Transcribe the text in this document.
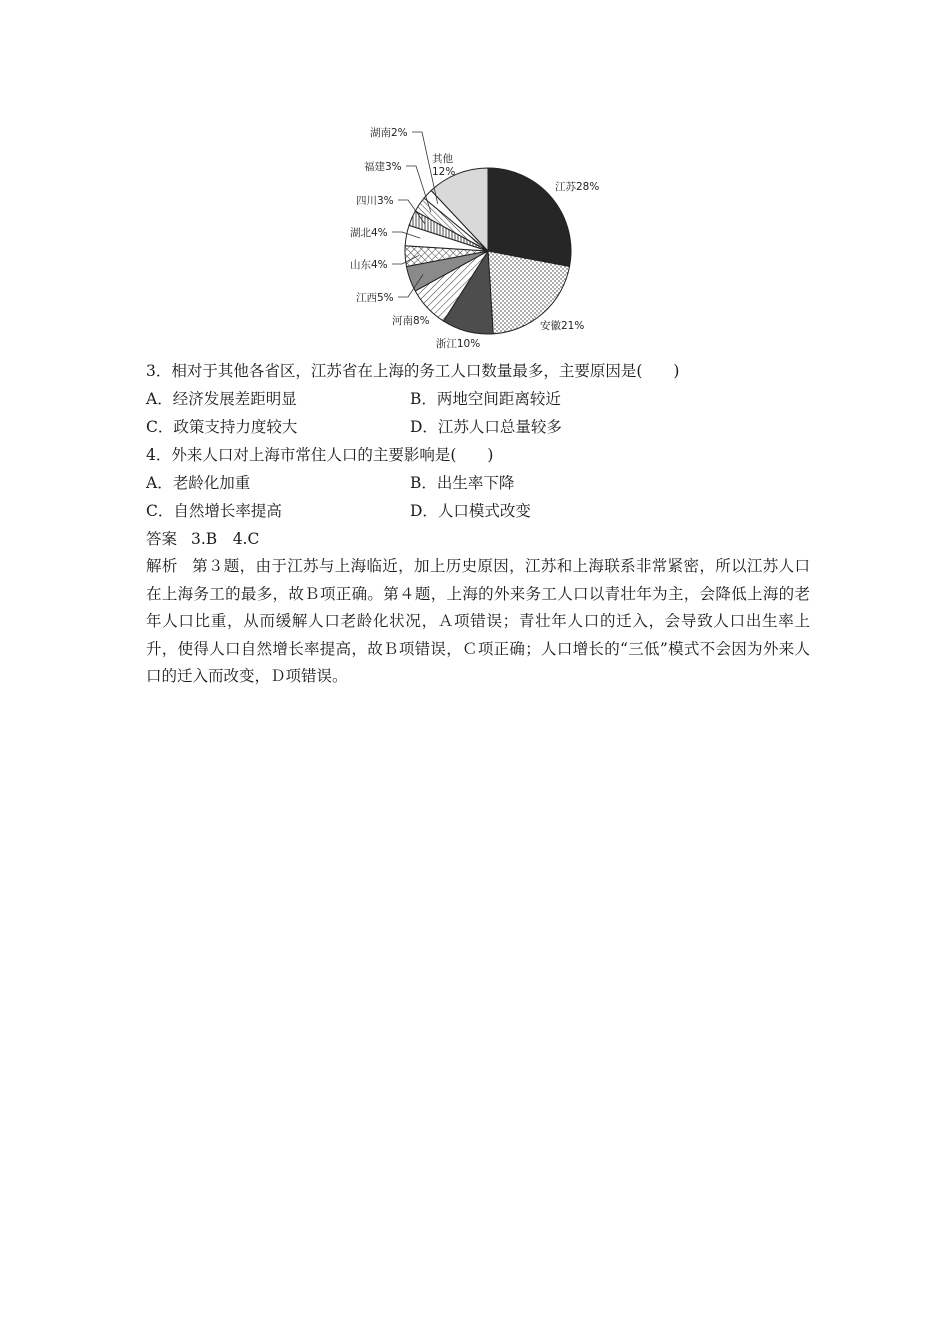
江苏28%
安徽21%
浙江10%
河南8%
江西5%
山东4%
湖北4%
四川3%
福建3%
湖南2%
其他 12%
3．相对于其他各省区，江苏省在上海的务工人口数量最多，主要原因是(　　)
A．经济发展差距明显	B．两地空间距离较近
C．政策支持力度较大	D．江苏人口总量较多
4．外来人口对上海市常住人口的主要影响是(　　)
A．老龄化加重	B．出生率下降
C．自然增长率提高	D．人口模式改变
答案 3.B　4.C
解析 第３题，由于江苏与上海临近，加上历史原因，江苏和上海联系非常紧密，所以江苏人口在上海务工的最多，故Ｂ项正确。第４题，上海的外来务工人口以青壮年为主，会降低上海的老年人口比重，从而缓解人口老龄化状况，Ａ项错误；青壮年人口的迁入，会导致人口出生率上升，使得人口自然增长率提高，故Ｂ项错误，Ｃ项正确；人口增长的“三低”模式不会因为外来人口的迁入而改变，Ｄ项错误。
